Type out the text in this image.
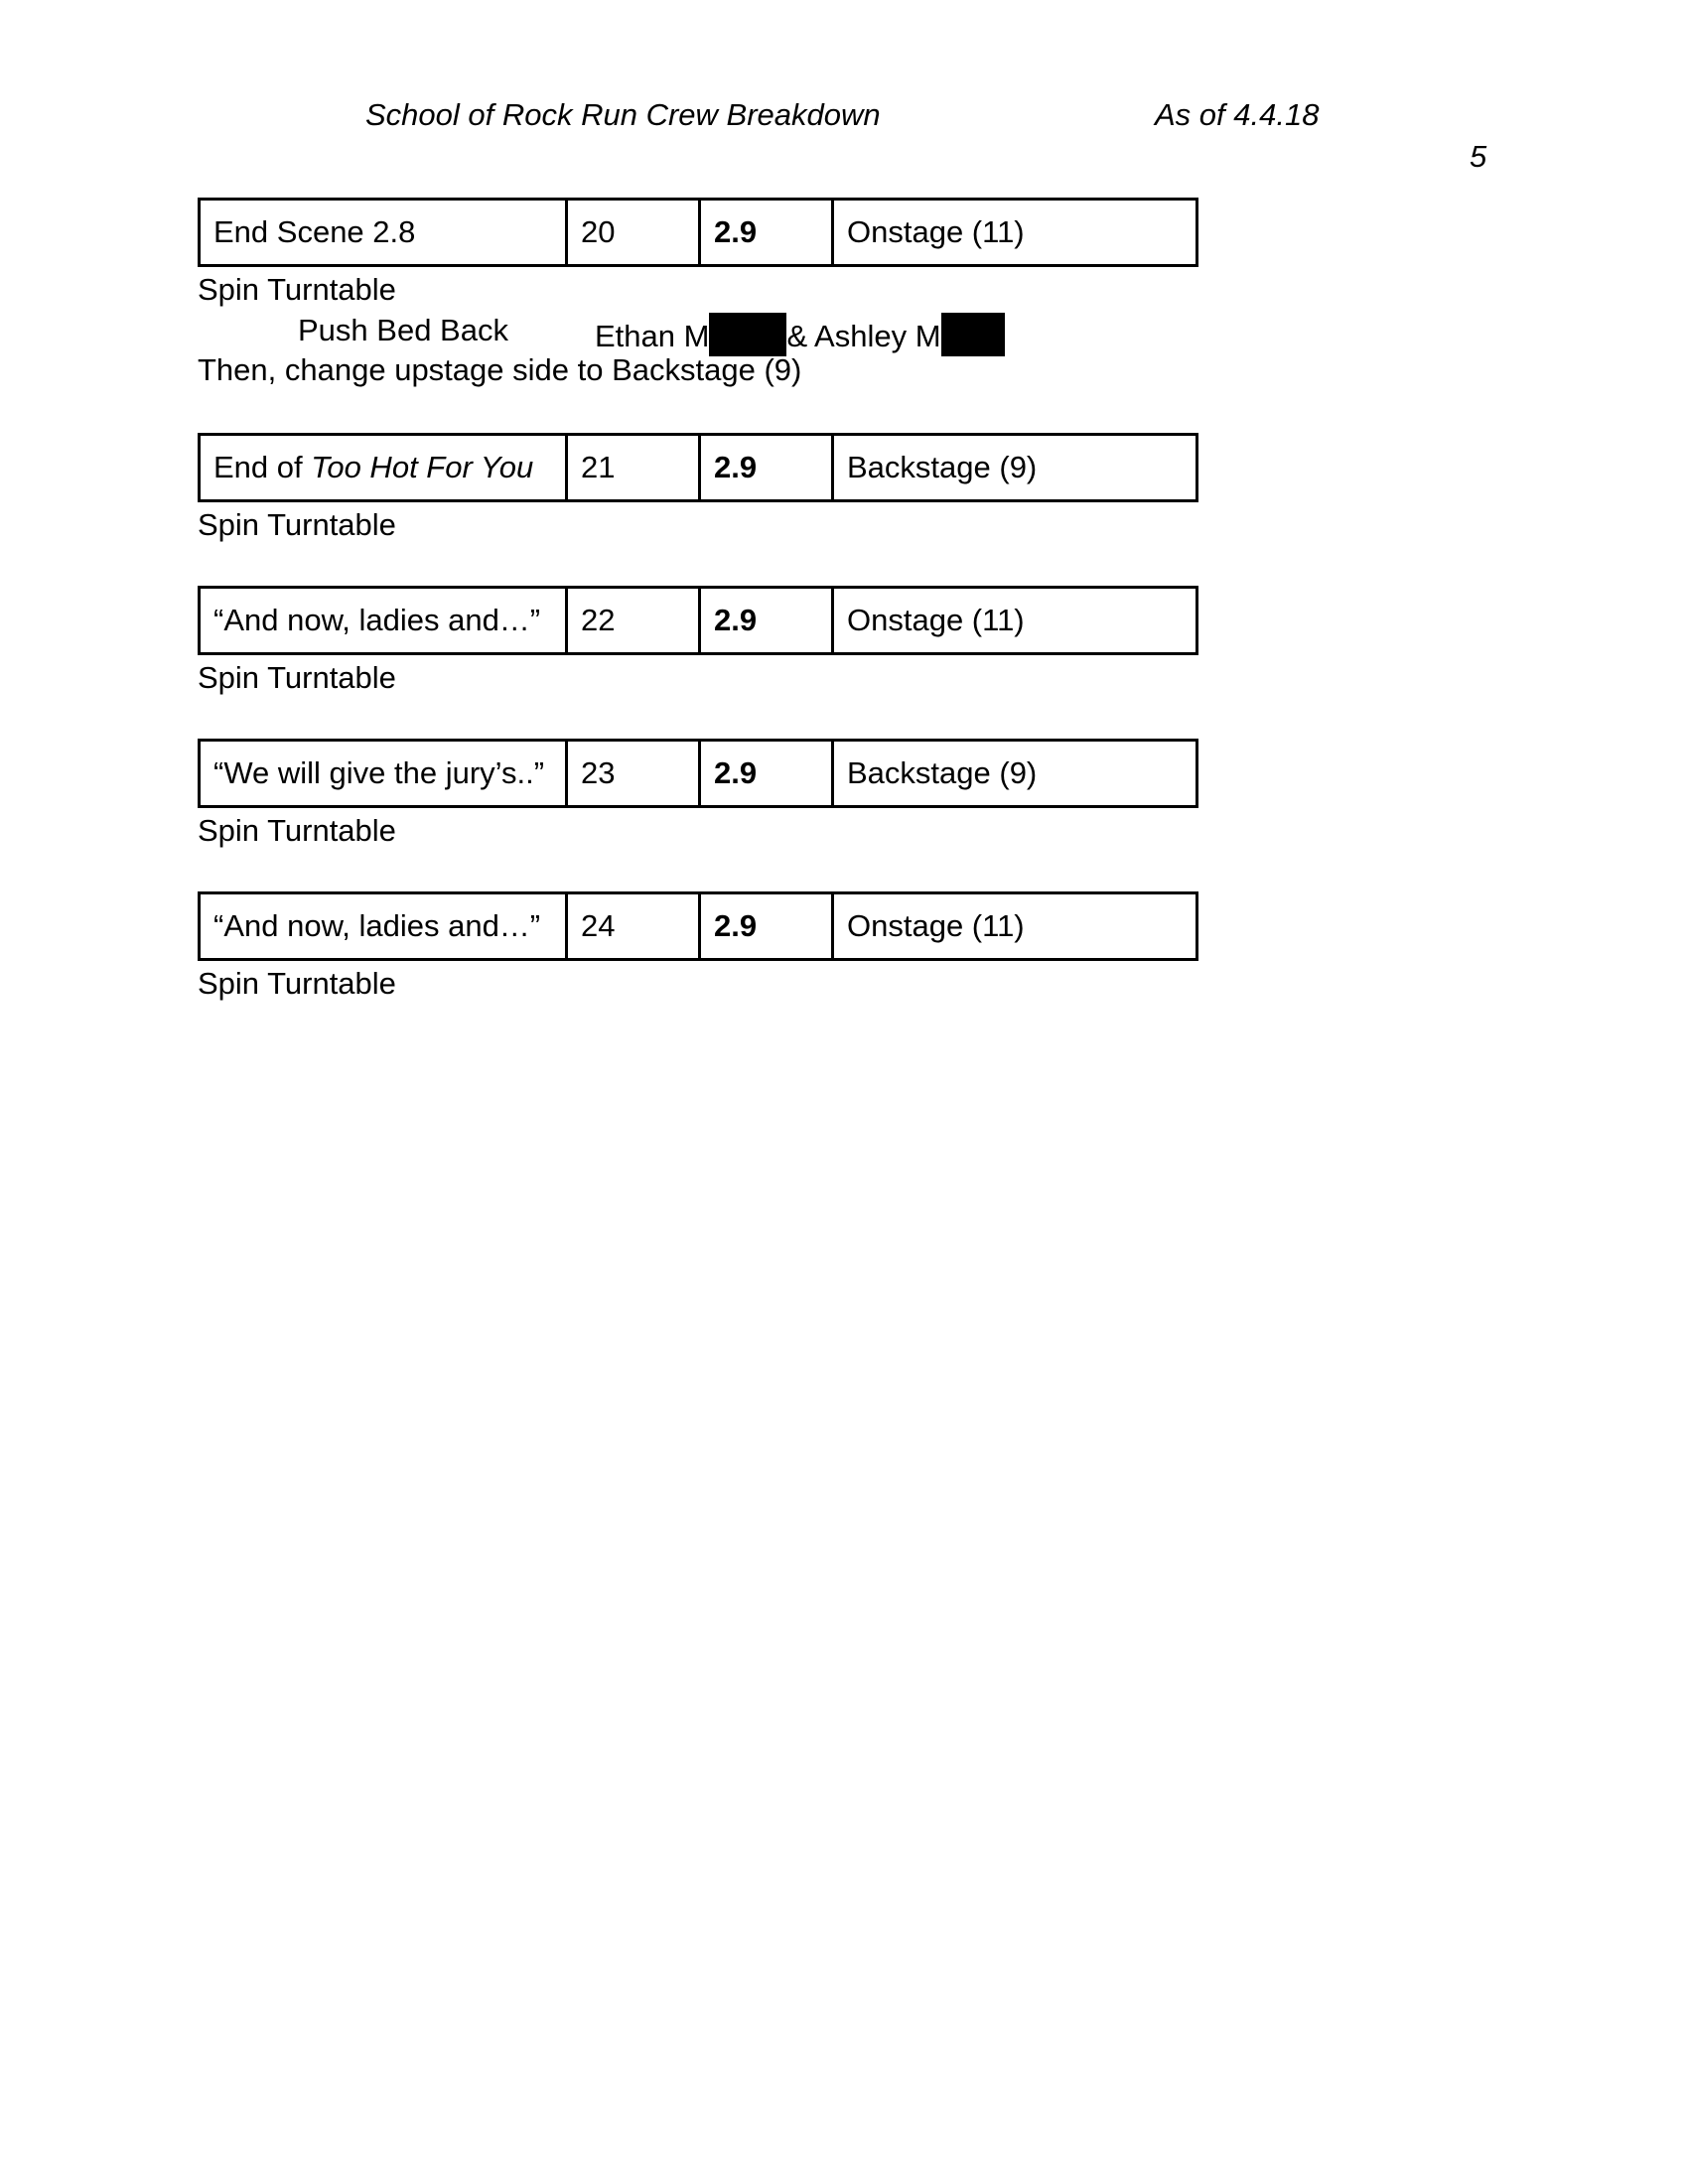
School of Rock Run Crew Breakdown	As of 4.4.18
5
End Scene 2.8	20	2.9	Onstage (11)
Spin Turntable
Push Bed Back	Ethan M	& Ashley M
Then, change upstage side to Backstage (9)
End of Too Hot For You	21	2.9	Backstage (9)
Spin Turntable
“And now, ladies and…”	22	2.9	Onstage (11)
Spin Turntable
“We will give the jury’s..”	23	2.9	Backstage (9)
Spin Turntable
“And now, ladies and…”	24	2.9	Onstage (11)
Spin Turntable
